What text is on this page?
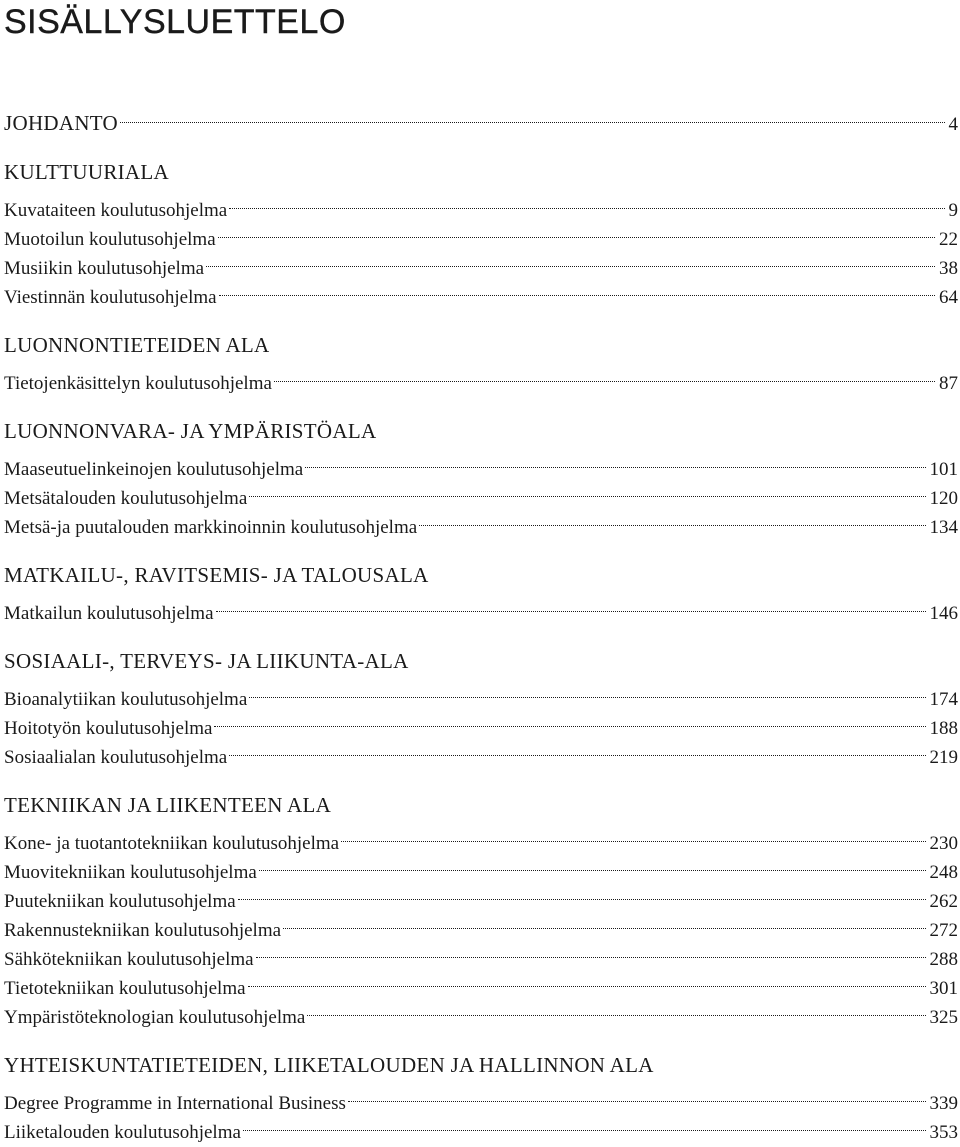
SISÄLLYSLUETTELO
JOHDANTO	4
KULTTUURIALA
Kuvataiteen koulutusohjelma	9
Muotoilun koulutusohjelma	22
Musiikin koulutusohjelma	38
Viestinnän koulutusohjelma	64
LUONNONTIETEIDEN ALA
Tietojenkäsittelyn koulutusohjelma	87
LUONNONVARA- JA YMPÄRISTÖALA
Maaseutuelinkeinojen koulutusohjelma	101
Metsätalouden koulutusohjelma	120
Metsä-ja puutalouden markkinoinnin koulutusohjelma	134
MATKAILU-, RAVITSEMIS- JA TALOUSALA
Matkailun koulutusohjelma	146
SOSIAALI-, TERVEYS- JA LIIKUNTA-ALA
Bioanalytiikan koulutusohjelma	174
Hoitotyön koulutusohjelma	188
Sosiaalialan koulutusohjelma	219
TEKNIIKAN JA LIIKENTEEN ALA
Kone- ja tuotantotekniikan koulutusohjelma	230
Muovitekniikan koulutusohjelma	248
Puutekniikan koulutusohjelma	262
Rakennustekniikan koulutusohjelma	272
Sähkötekniikan koulutusohjelma	288
Tietotekniikan koulutusohjelma	301
Ympäristöteknologian koulutusohjelma	325
YHTEISKUNTATIETEIDEN, LIIKETALOUDEN JA HALLINNON ALA
Degree Programme in International Business	339
Liiketalouden koulutusohjelma	353
